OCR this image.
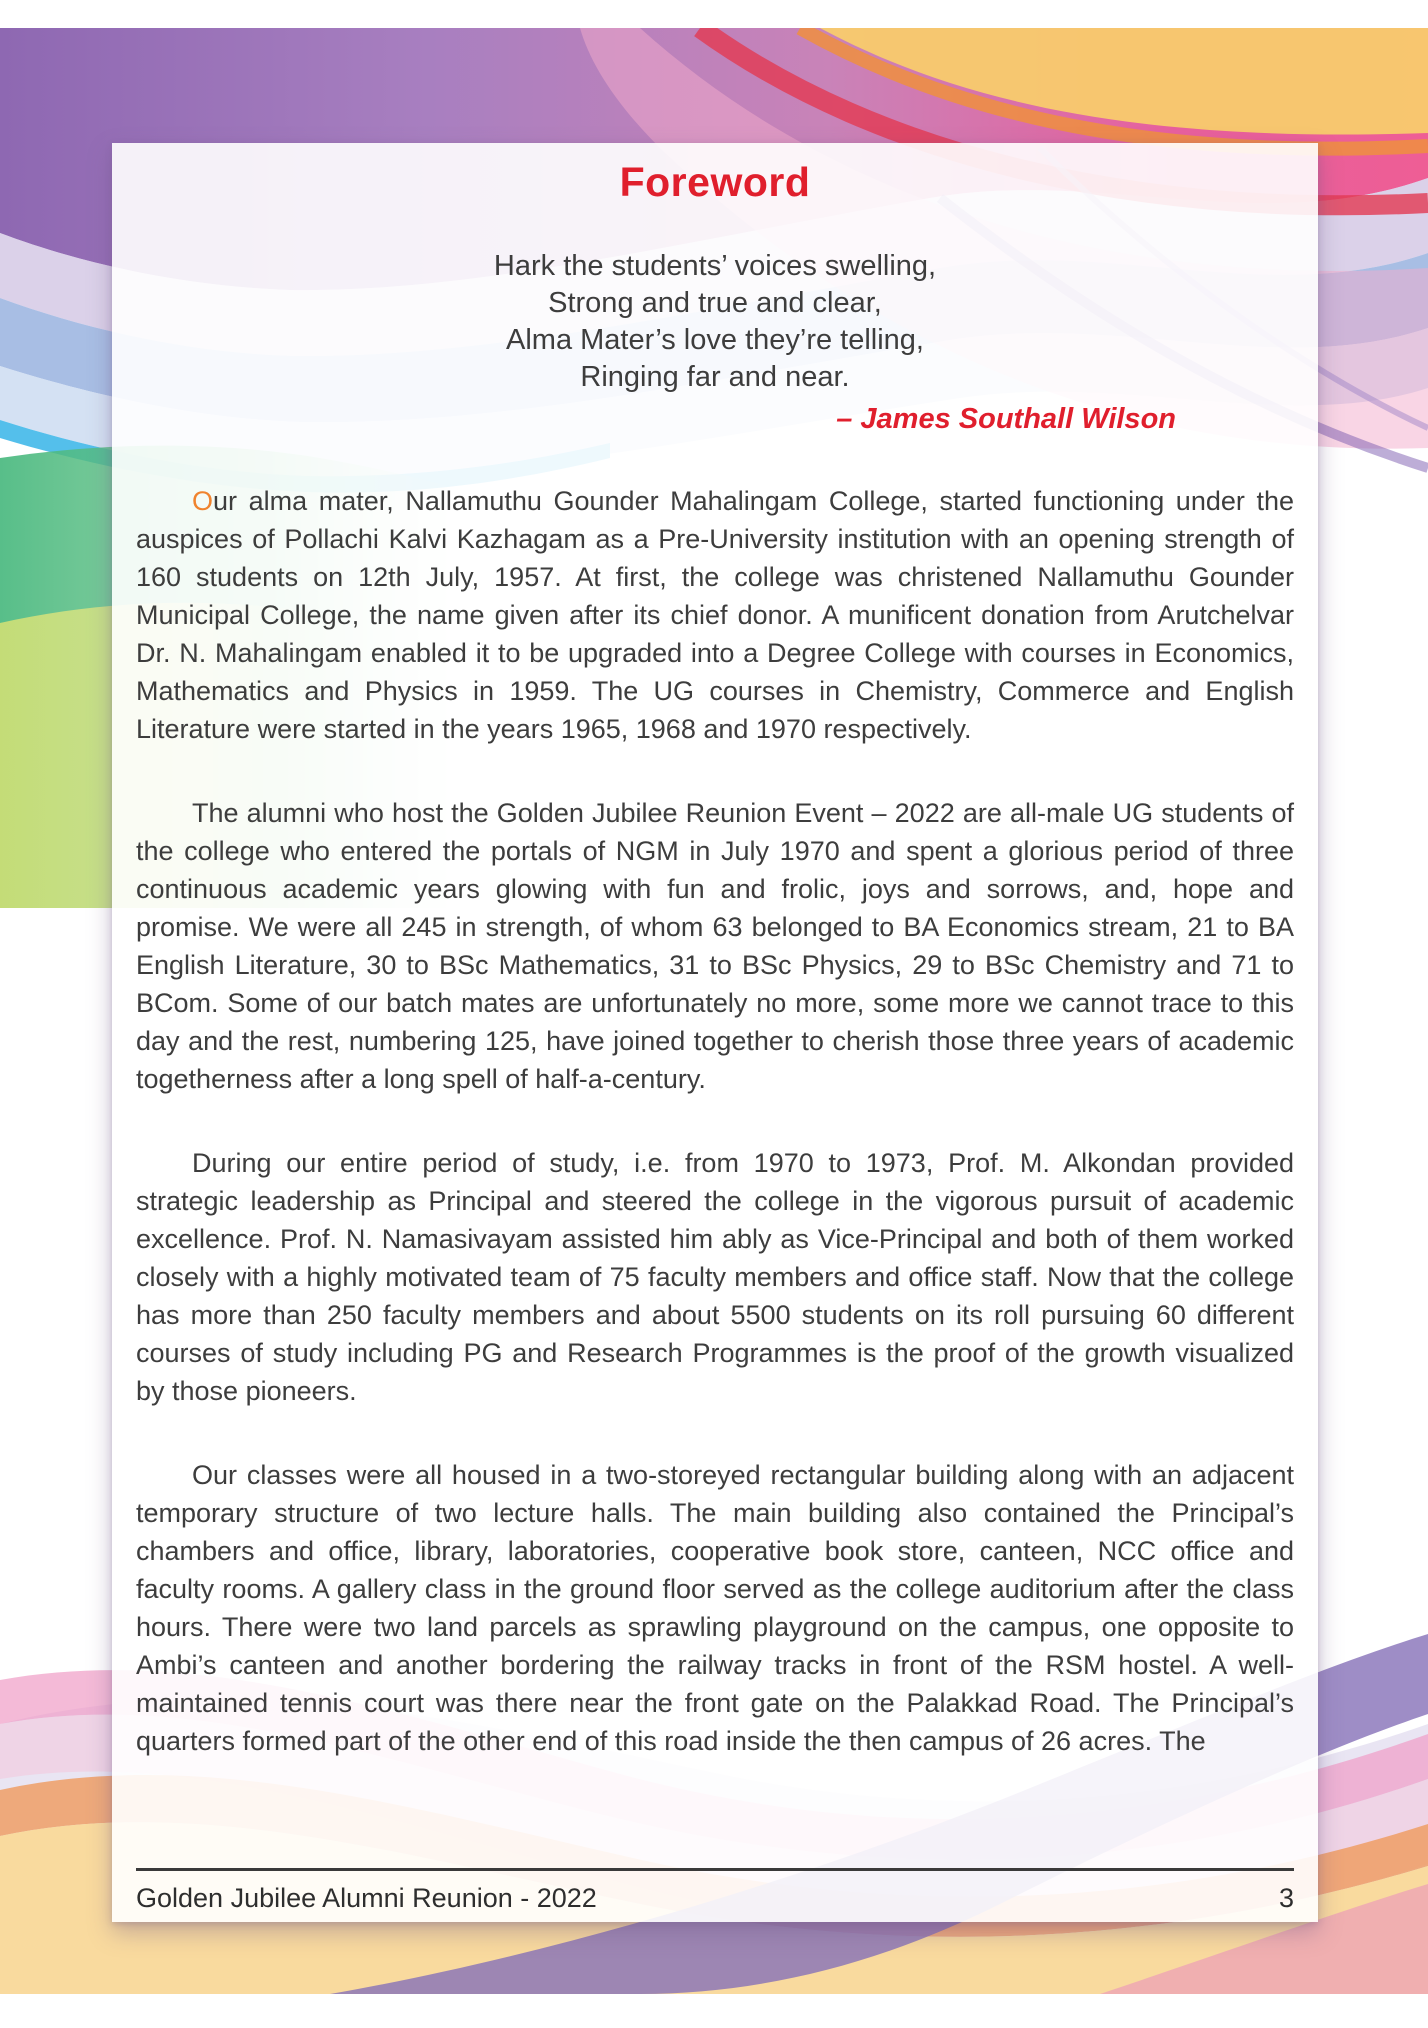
Foreword
Hark the students’ voices swelling,
Strong and true and clear,
Alma Mater’s love they’re telling,
Ringing far and near.
– James Southall Wilson

Our alma mater, Nallamuthu Gounder Mahalingam College, started functioning under the auspices of Pollachi Kalvi Kazhagam as a Pre-University institution with an opening strength of 160 students on 12th July, 1957. At first, the college was christened Nallamuthu Gounder Municipal College, the name given after its chief donor. A munificent donation from Arutchelvar Dr. N. Mahalingam enabled it to be upgraded into a Degree College with courses in Economics, Mathematics and Physics in 1959. The UG courses in Chemistry, Commerce and English Literature were started in the years 1965, 1968 and 1970 respectively.

The alumni who host the Golden Jubilee Reunion Event – 2022 are all-male UG students of the college who entered the portals of NGM in July 1970 and spent a glorious period of three continuous academic years glowing with fun and frolic, joys and sorrows, and, hope and promise. We were all 245 in strength, of whom 63 belonged to BA Economics stream, 21 to BA English Literature, 30 to BSc Mathematics, 31 to BSc Physics, 29 to BSc Chemistry and 71 to BCom. Some of our batch mates are unfortunately no more, some more we cannot trace to this day and the rest, numbering 125, have joined together to cherish those three years of academic togetherness after a long spell of half-a-century.

During our entire period of study, i.e. from 1970 to 1973, Prof. M. Alkondan provided strategic leadership as Principal and steered the college in the vigorous pursuit of academic excellence. Prof. N. Namasivayam assisted him ably as Vice-Principal and both of them worked closely with a highly motivated team of 75 faculty members and office staff. Now that the college has more than 250 faculty members and about 5500 students on its roll pursuing 60 different courses of study including PG and Research Programmes is the proof of the growth visualized by those pioneers.

Our classes were all housed in a two-storeyed rectangular building along with an adjacent temporary structure of two lecture halls. The main building also contained the Principal’s chambers and office, library, laboratories, cooperative book store, canteen, NCC office and faculty rooms. A gallery class in the ground floor served as the college auditorium after the class hours. There were two land parcels as sprawling playground on the campus, one opposite to Ambi’s canteen and another bordering the railway tracks in front of the RSM hostel. A well-maintained tennis court was there near the front gate on the Palakkad Road. The Principal’s quarters formed part of the other end of this road inside the then campus of 26 acres. The

Golden Jubilee Alumni Reunion - 2022	3
